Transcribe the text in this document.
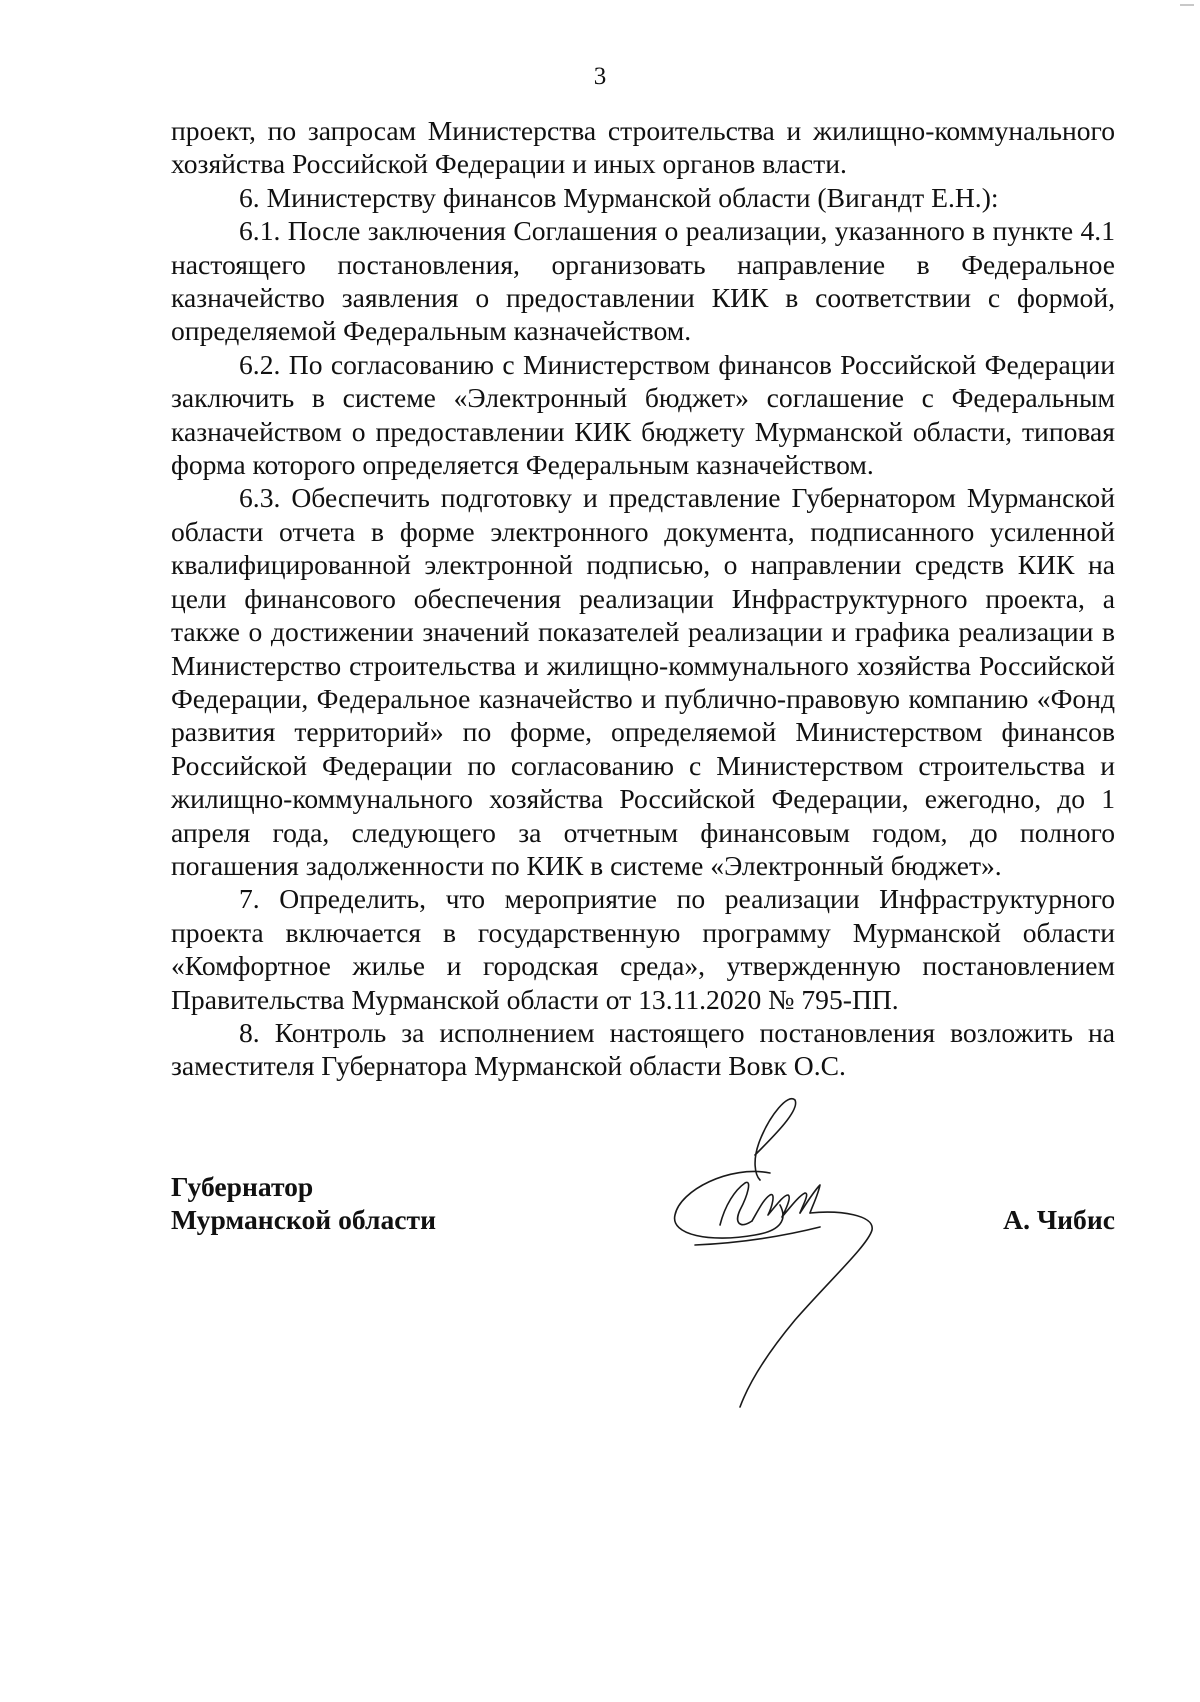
3

проект, по запросам Министерства строительства и жилищно-коммунального хозяйства Российской Федерации и иных органов власти.

6. Министерству финансов Мурманской области (Вигандт Е.Н.):

6.1. После заключения Соглашения о реализации, указанного в пункте 4.1 настоящего постановления, организовать направление в Федеральное казначейство заявления о предоставлении КИК в соответствии с формой, определяемой Федеральным казначейством.

6.2. По согласованию с Министерством финансов Российской Федерации заключить в системе «Электронный бюджет» соглашение с Федеральным казначейством о предоставлении КИК бюджету Мурманской области, типовая форма которого определяется Федеральным казначейством.

6.3. Обеспечить подготовку и представление Губернатором Мурманской области отчета в форме электронного документа, подписанного усиленной квалифицированной электронной подписью, о направлении средств КИК на цели финансового обеспечения реализации Инфраструктурного проекта, а также о достижении значений показателей реализации и графика реализации в Министерство строительства и жилищно-коммунального хозяйства Российской Федерации, Федеральное казначейство и публично-правовую компанию «Фонд развития территорий» по форме, определяемой Министерством финансов Российской Федерации по согласованию с Министерством строительства и жилищно-коммунального хозяйства Российской Федерации, ежегодно, до 1 апреля года, следующего за отчетным финансовым годом, до полного погашения задолженности по КИК в системе «Электронный бюджет».

7. Определить, что мероприятие по реализации Инфраструктурного проекта включается в государственную программу Мурманской области «Комфортное жилье и городская среда», утвержденную постановлением Правительства Мурманской области от 13.11.2020 № 795-ПП.

8. Контроль за исполнением настоящего постановления возложить на заместителя Губернатора Мурманской области Вовк О.С.

Губернатор
Мурманской области	А. Чибис
